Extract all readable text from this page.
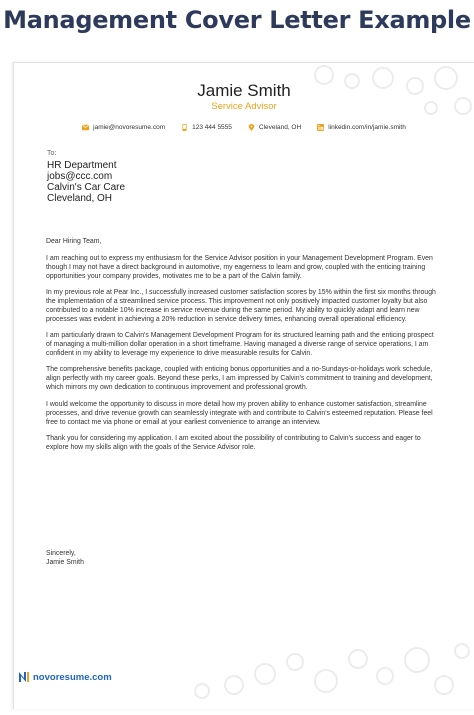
Management Cover Letter Example
Jamie Smith
Service Advisor
jamie@novoresume.com	123 444 5555	Cleveland, OH	linkedin.com/in/jamie.smith
To:
HR Department
jobs@ccc.com
Calvin's Car Care
Cleveland, OH

Dear Hiring Team,

I am reaching out to express my enthusiasm for the Service Advisor position in your Management Development Program. Even though I may not have a direct background in automotive, my eagerness to learn and grow, coupled with the enticing training opportunities your company provides, motivates me to be a part of the Calvin family.

In my previous role at Pear Inc., I successfully increased customer satisfaction scores by 15% within the first six months through the implementation of a streamlined service process. This improvement not only positively impacted customer loyalty but also contributed to a notable 10% increase in service revenue during the same period. My ability to quickly adapt and learn new processes was evident in achieving a 20% reduction in service delivery times, enhancing overall operational efficiency.

I am particularly drawn to Calvin's Management Development Program for its structured learning path and the enticing prospect of managing a multi-million dollar operation in a short timeframe. Having managed a diverse range of service operations, I am confident in my ability to leverage my experience to drive measurable results for Calvin.

The comprehensive benefits package, coupled with enticing bonus opportunities and a no-Sundays-or-holidays work schedule, align perfectly with my career goals. Beyond these perks, I am impressed by Calvin's commitment to training and development, which mirrors my own dedication to continuous improvement and professional growth.

I would welcome the opportunity to discuss in more detail how my proven ability to enhance customer satisfaction, streamline processes, and drive revenue growth can seamlessly integrate with and contribute to Calvin's esteemed reputation. Please feel free to contact me via phone or email at your earliest convenience to arrange an interview.

Thank you for considering my application. I am excited about the possibility of contributing to Calvin's success and eager to explore how my skills align with the goals of the Service Advisor role.

Sincerely,
Jamie Smith
novoresume.com
